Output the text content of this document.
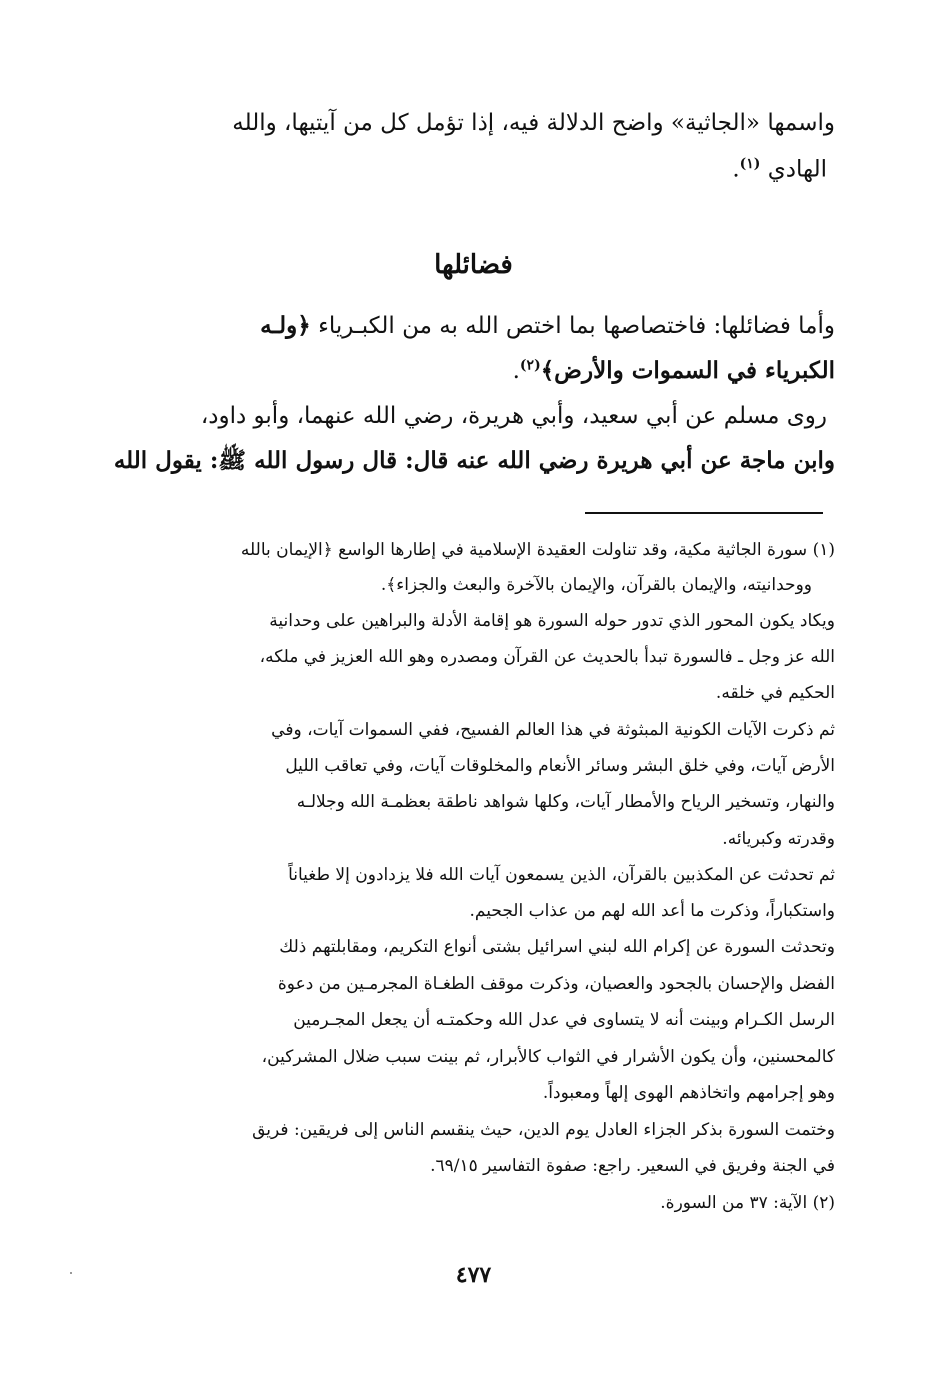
واسمها «الجاثية» واضح الدلالة فيه، إذا تؤمل كل من آيتيها، والله
الهادي $^{(١)}$.
فضائلها
وأما فضائلها: فاختصاصها بما اختص الله به من الكبـرياء ﴿ولـه
الكبرياء في السموات والأرض﴾$^{(٢)}$.
روى مسلم عن أبي سعيد، وأبي هريرة، رضي الله عنهما، وأبو داود،
وابن ماجة عن أبي هريرة رضي الله عنه قال: قال رسول الله ﷺ: يقول الله
(١) سورة الجاثية مكية، وقد تناولت العقيدة الإسلامية في إطارها الواسع ﴿الإيمان بالله
ووحدانيته، والإيمان بالقرآن، والإيمان بالآخرة والبعث والجزاء﴾.
ويكاد يكون المحور الذي تدور حوله السورة هو إقامة الأدلة والبراهين على وحدانية
الله عز وجل ـ فالسورة تبدأ بالحديث عن القرآن ومصدره وهو الله العزيز في ملكه،
الحكيم في خلقه.
ثم ذكرت الآيات الكونية المبثوثة في هذا العالم الفسيح، ففي السموات آيات، وفي
الأرض آيات، وفي خلق البشر وسائر الأنعام والمخلوقات آيات، وفي تعاقب الليل
والنهار، وتسخير الرياح والأمطار آيات، وكلها شواهد ناطقة بعظمـة الله وجلالـه
وقدرته وكبريائه.
ثم تحدثت عن المكذبين بالقرآن، الذين يسمعون آيات الله فلا يزدادون إلا طغياناً
واستكباراً، وذكرت ما أعد الله لهم من عذاب الجحيم.
وتحدثت السورة عن إكرام الله لبني اسرائيل بشتى أنواع التكريم، ومقابلتهم ذلك
الفضل والإحسان بالجحود والعصيان، وذكرت موقف الطغـاة المجرمـين من دعوة
الرسل الكـرام وبينت أنه لا يتساوى في عدل الله وحكمتـه أن يجعل المجـرمين
كالمحسنين، وأن يكون الأشرار في الثواب كالأبرار، ثم بينت سبب ضلال المشركين،
وهو إجرامهم واتخاذهم الهوى إلهاً ومعبوداً.
وختمت السورة بذكر الجزاء العادل يوم الدين، حيث ينقسم الناس إلى فريقين: فريق
في الجنة وفريق في السعير. راجع: صفوة التفاسير ٦٩/١٥.
(٢) الآية: ٣٧ من السورة.
٤٧٧
